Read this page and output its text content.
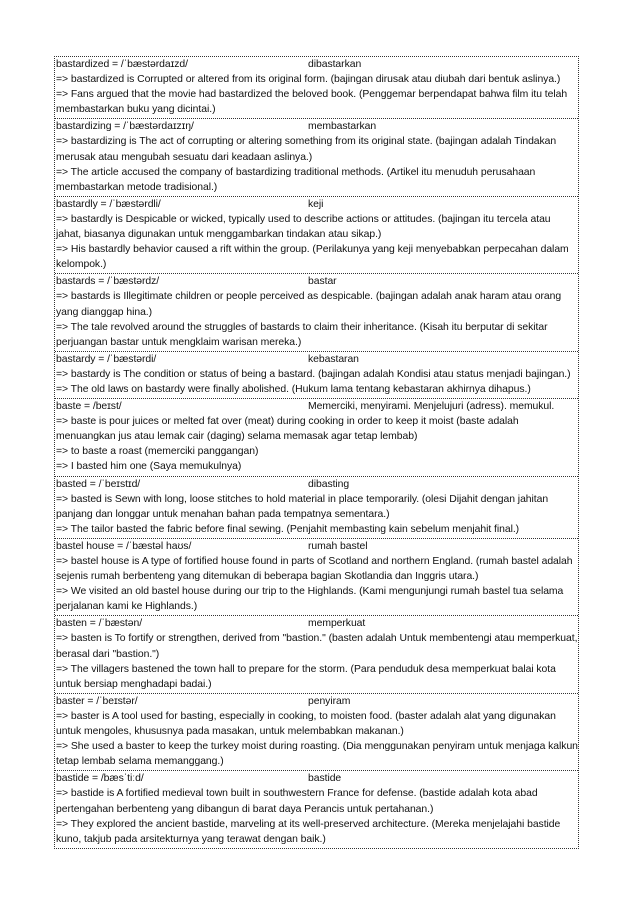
bastardized = /ˈbæstərdaɪzd/	dibastarkan
=> bastardized is Corrupted or altered from its original form. (bajingan dirusak atau diubah dari bentuk aslinya.)
=> Fans argued that the movie had bastardized the beloved book. (Penggemar berpendapat bahwa film itu telah membastarkan buku yang dicintai.)
bastardizing = /ˈbæstərdaɪzɪŋ/	membastarkan
=> bastardizing is The act of corrupting or altering something from its original state. (bajingan adalah Tindakan merusak atau mengubah sesuatu dari keadaan aslinya.)
=> The article accused the company of bastardizing traditional methods. (Artikel itu menuduh perusahaan membastarkan metode tradisional.)
bastardly = /ˈbæstərdli/	keji
=> bastardly is Despicable or wicked, typically used to describe actions or attitudes. (bajingan itu tercela atau jahat, biasanya digunakan untuk menggambarkan tindakan atau sikap.)
=> His bastardly behavior caused a rift within the group. (Perilakunya yang keji menyebabkan perpecahan dalam kelompok.)
bastards = /ˈbæstərdz/	bastar
=> bastards is Illegitimate children or people perceived as despicable. (bajingan adalah anak haram atau orang yang dianggap hina.)
=> The tale revolved around the struggles of bastards to claim their inheritance. (Kisah itu berputar di sekitar perjuangan bastar untuk mengklaim warisan mereka.)
bastardy = /ˈbæstərdi/	kebastaran
=> bastardy is The condition or status of being a bastard. (bajingan adalah Kondisi atau status menjadi bajingan.)
=> The old laws on bastardy were finally abolished. (Hukum lama tentang kebastaran akhirnya dihapus.)
baste = /beɪst/	Memerciki, menyirami. Menjelujuri (adress). memukul.
=> baste is pour juices or melted fat over (meat) during cooking in order to keep it moist (baste adalah menuangkan jus atau lemak cair (daging) selama memasak agar tetap lembab)
=> to baste a roast (memerciki panggangan)
=> I basted him one (Saya memukulnya)
basted = /ˈbeɪstɪd/	dibasting
=> basted is Sewn with long, loose stitches to hold material in place temporarily. (olesi Dijahit dengan jahitan panjang dan longgar untuk menahan bahan pada tempatnya sementara.)
=> The tailor basted the fabric before final sewing. (Penjahit membasting kain sebelum menjahit final.)
bastel house = /ˈbæstəl haʊs/	rumah bastel
=> bastel house is A type of fortified house found in parts of Scotland and northern England. (rumah bastel adalah sejenis rumah berbenteng yang ditemukan di beberapa bagian Skotlandia dan Inggris utara.)
=> We visited an old bastel house during our trip to the Highlands. (Kami mengunjungi rumah bastel tua selama perjalanan kami ke Highlands.)
basten = /ˈbæstən/	memperkuat
=> basten is To fortify or strengthen, derived from "bastion." (basten adalah Untuk membentengi atau memperkuat, berasal dari "bastion.")
=> The villagers bastened the town hall to prepare for the storm. (Para penduduk desa memperkuat balai kota untuk bersiap menghadapi badai.)
baster = /ˈbeɪstər/	penyiram
=> baster is A tool used for basting, especially in cooking, to moisten food. (baster adalah alat yang digunakan untuk mengoles, khususnya pada masakan, untuk melembabkan makanan.)
=> She used a baster to keep the turkey moist during roasting. (Dia menggunakan penyiram untuk menjaga kalkun tetap lembab selama memanggang.)
bastide = /bæsˈtiːd/	bastide
=> bastide is A fortified medieval town built in southwestern France for defense. (bastide adalah kota abad pertengahan berbenteng yang dibangun di barat daya Perancis untuk pertahanan.)
=> They explored the ancient bastide, marveling at its well-preserved architecture. (Mereka menjelajahi bastide kuno, takjub pada arsitekturnya yang terawat dengan baik.)
